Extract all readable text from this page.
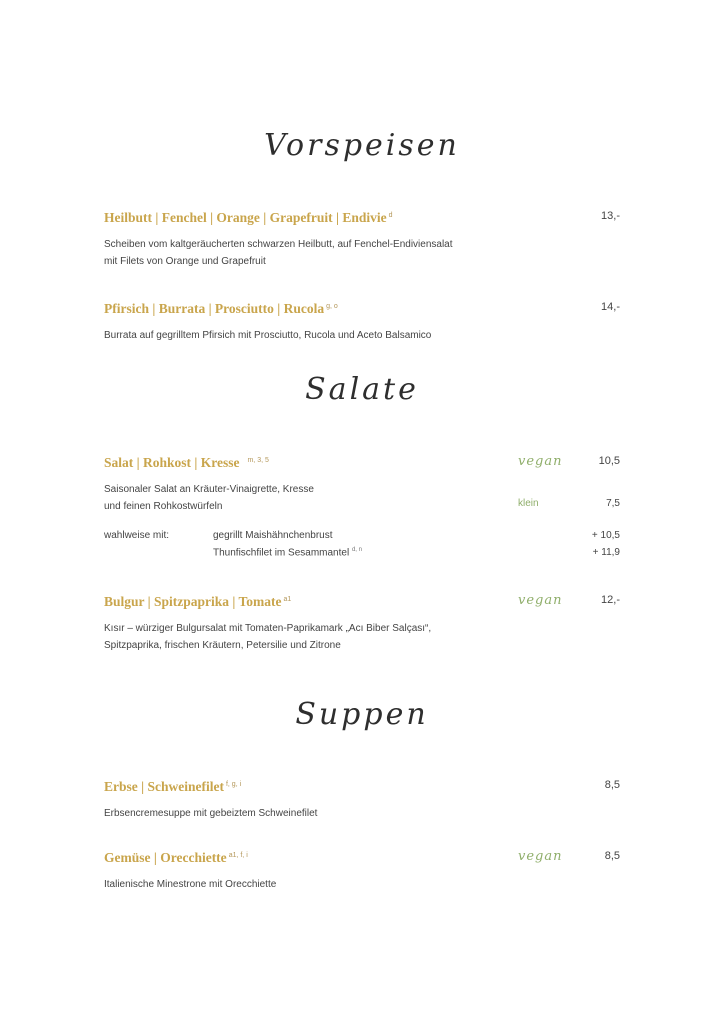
Vorspeisen
Heilbutt | Fenchel | Orange | Grapefruit | Endivie $^d$	13,-
Scheiben vom kaltgeräucherten schwarzen Heilbutt, auf Fenchel-Endiviensalat
mit Filets von Orange und Grapefruit
Pfirsich | Burrata | Prosciutto | Rucola $^{g, o}$	14,-
Burrata auf gegrilltem Pfirsich mit Prosciutto, Rucola und Aceto Balsamico
Salate
Salat | Rohkost | Kresse $^{m, 3, 5}$	vegan	10,5
Saisonaler Salat an Kräuter-Vinaigrette, Kresse
und feinen Rohkostwürfeln	klein	7,5
wahlweise mit:	gegrillt Maishähnchenbrust	+ 10,5
Thunfischfilet im Sesammantel $^{d, n}$	+ 11,9
Bulgur | Spitzpaprika | Tomate $^{a1}$	vegan	12,-
Kısır – würziger Bulgursalat mit Tomaten-Paprikamark „Acı Biber Salçası“,
Spitzpaprika, frischen Kräutern, Petersilie und Zitrone
Suppen
Erbse | Schweinefilet $^{f, g, i}$	8,5
Erbsencremesuppe mit gebeiztem Schweinefilet
Gemüse | Orecchiette $^{a1, f, i}$	vegan	8,5
Italienische Minestrone mit Orecchiette
